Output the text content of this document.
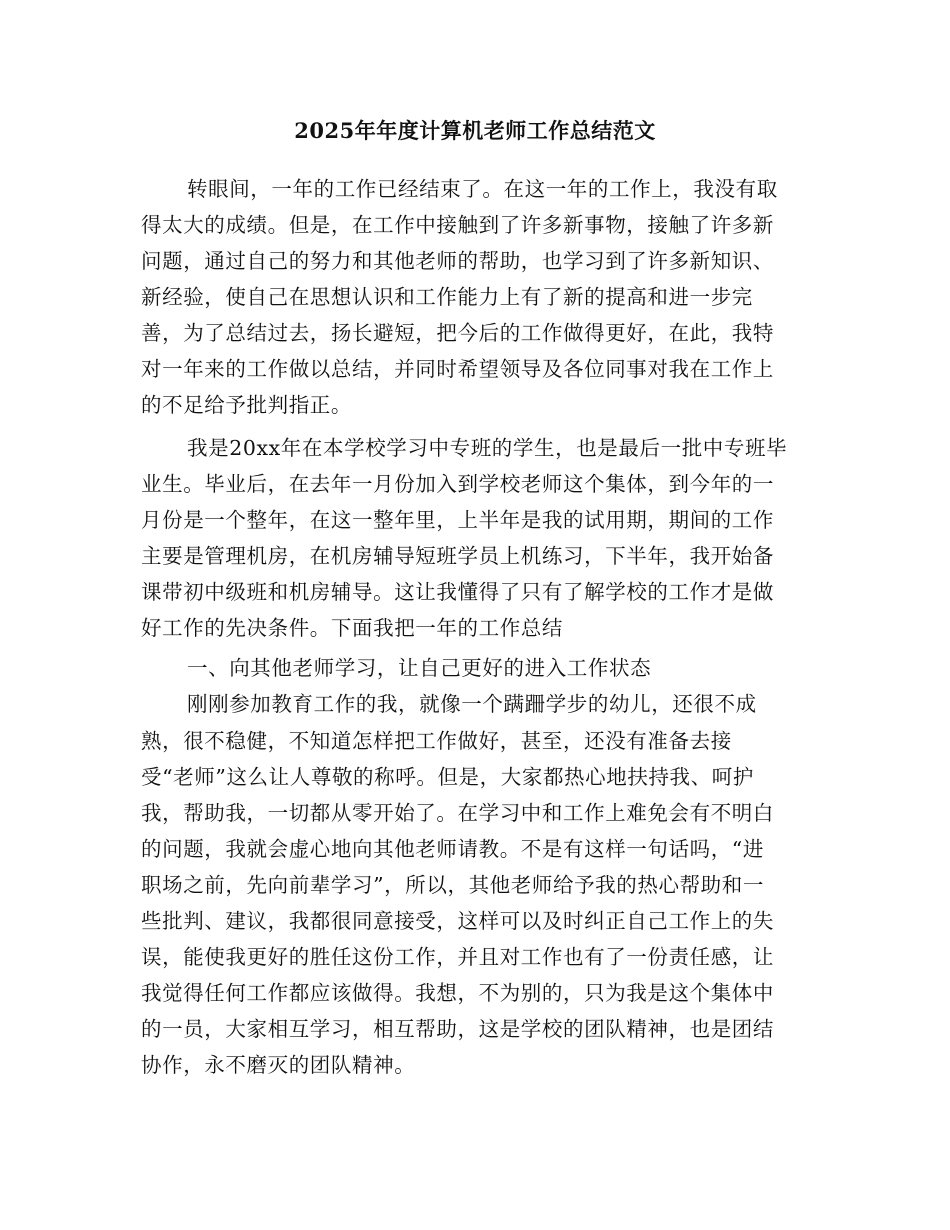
2025年年度计算机老师工作总结范文
转眼间，一年的工作已经结束了。在这一年的工作上，我没有取
得太大的成绩。但是，在工作中接触到了许多新事物，接触了许多新
问题，通过自己的努力和其他老师的帮助，也学习到了许多新知识、
新经验，使自己在思想认识和工作能力上有了新的提高和进一步完
善，为了总结过去，扬长避短，把今后的工作做得更好，在此，我特
对一年来的工作做以总结，并同时希望领导及各位同事对我在工作上
的不足给予批判指正。
我是20xx年在本学校学习中专班的学生，也是最后一批中专班毕
业生。毕业后，在去年一月份加入到学校老师这个集体，到今年的一
月份是一个整年，在这一整年里，上半年是我的试用期，期间的工作
主要是管理机房，在机房辅导短班学员上机练习，下半年，我开始备
课带初中级班和机房辅导。这让我懂得了只有了解学校的工作才是做
好工作的先决条件。下面我把一年的工作总结
一、向其他老师学习，让自己更好的进入工作状态
刚刚参加教育工作的我，就像一个蹒跚学步的幼儿，还很不成
熟，很不稳健，不知道怎样把工作做好，甚至，还没有准备去接
受“老师”这么让人尊敬的称呼。但是，大家都热心地扶持我、呵护
我，帮助我，一切都从零开始了。在学习中和工作上难免会有不明白
的问题，我就会虚心地向其他老师请教。不是有这样一句话吗，“进
职场之前，先向前辈学习”，所以，其他老师给予我的热心帮助和一
些批判、建议，我都很同意接受，这样可以及时纠正自己工作上的失
误，能使我更好的胜任这份工作，并且对工作也有了一份责任感，让
我觉得任何工作都应该做得。我想，不为别的，只为我是这个集体中
的一员，大家相互学习，相互帮助，这是学校的团队精神，也是团结
协作，永不磨灭的团队精神。
